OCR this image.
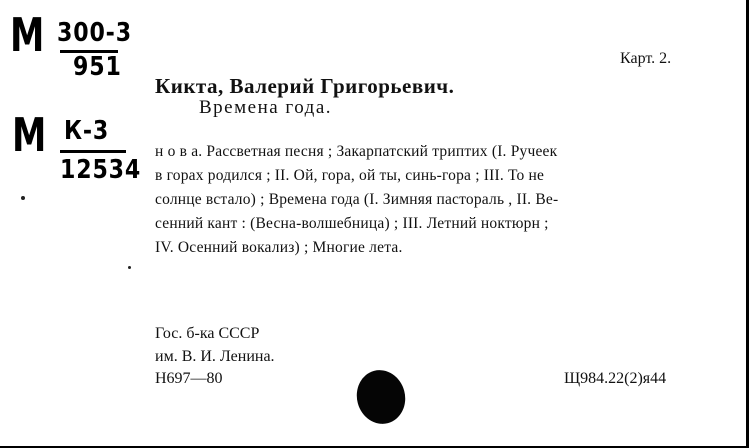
М 300-3
951
М К-3
12534
Карт. 2.
Кикта, Валерий Григорьевич.
Времена года.
н о в а. Рассветная песня ; Закарпатский триптих (I. Ручеек
в горах родился ; II. Ой, гора, ой ты, синь-гора ; III. То не
солнце встало) ; Времена года (I. Зимняя пастораль , II. Ве-
сенний кант : (Весна-волшебница) ; III. Летний ноктюрн ;
IV. Осенний вокализ) ; Многие лета.
Гос. б-ка СССР
им. В. И. Ленина.
Н697—80	Щ984.22(2)я44
